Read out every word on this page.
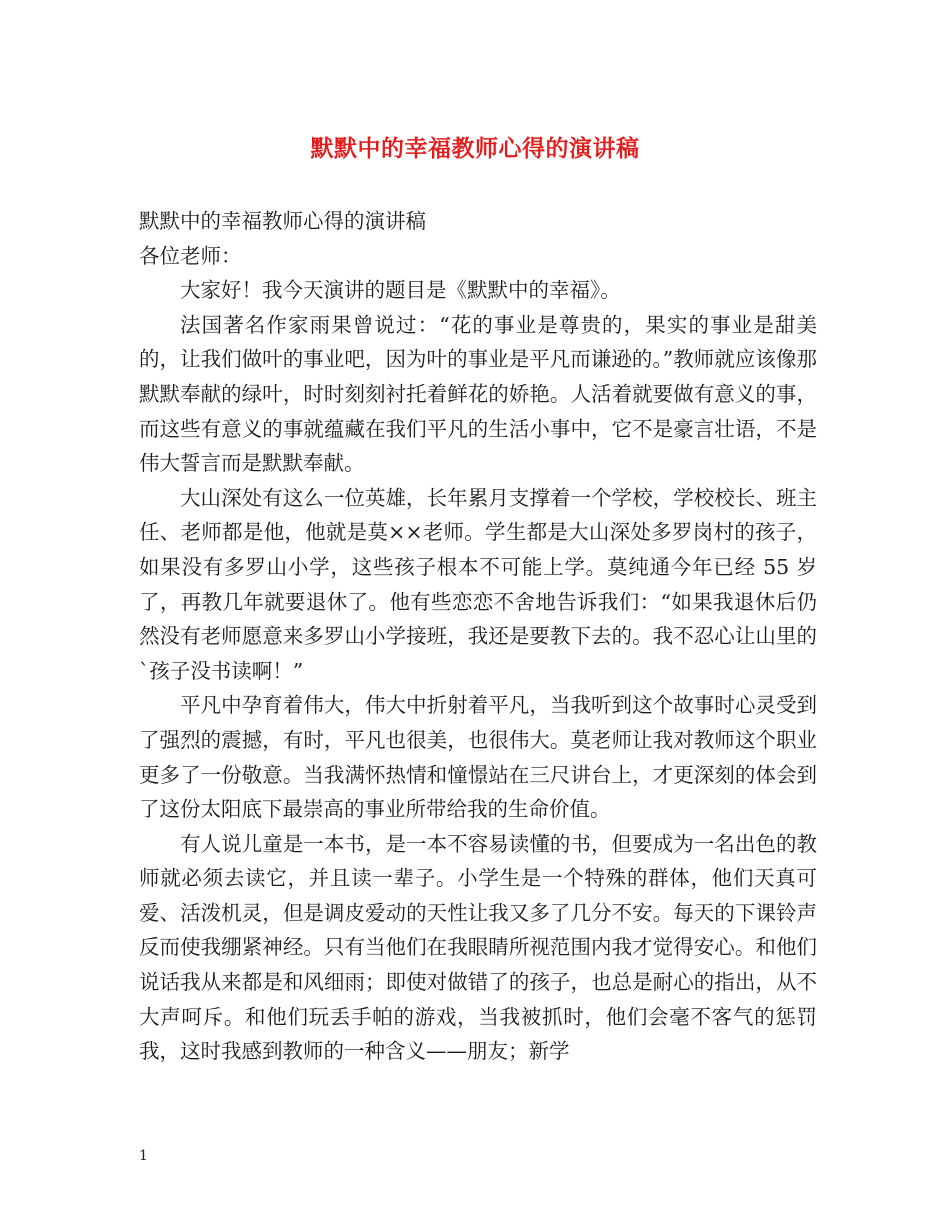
默默中的幸福教师心得的演讲稿

默默中的幸福教师心得的演讲稿

各位老师：

大家好！我今天演讲的题目是《默默中的幸福》。

法国著名作家雨果曾说过：“花的事业是尊贵的，果实的事业是甜美的，让我们做叶的事业吧，因为叶的事业是平凡而谦逊的。”教师就应该像那默默奉献的绿叶，时时刻刻衬托着鲜花的娇艳。人活着就要做有意义的事，而这些有意义的事就蕴藏在我们平凡的生活小事中，它不是豪言壮语，不是伟大誓言而是默默奉献。

大山深处有这么一位英雄，长年累月支撑着一个学校，学校校长、班主任、老师都是他，他就是莫××老师。学生都是大山深处多罗岗村的孩子，如果没有多罗山小学，这些孩子根本不可能上学。莫纯通今年已经 55 岁了，再教几年就要退休了。他有些恋恋不舍地告诉我们：“如果我退休后仍然没有老师愿意来多罗山小学接班，我还是要教下去的。我不忍心让山里的`孩子没书读啊！”

平凡中孕育着伟大，伟大中折射着平凡，当我听到这个故事时心灵受到了强烈的震撼，有时，平凡也很美，也很伟大。莫老师让我对教师这个职业更多了一份敬意。当我满怀热情和憧憬站在三尺讲台上，才更深刻的体会到了这份太阳底下最崇高的事业所带给我的生命价值。

有人说儿童是一本书，是一本不容易读懂的书，但要成为一名出色的教师就必须去读它，并且读一辈子。小学生是一个特殊的群体，他们天真可爱、活泼机灵，但是调皮爱动的天性让我又多了几分不安。每天的下课铃声反而使我绷紧神经。只有当他们在我眼睛所视范围内我才觉得安心。和他们说话我从来都是和风细雨；即使对做错了的孩子，也总是耐心的指出，从不大声呵斥。和他们玩丢手帕的游戏，当我被抓时，他们会毫不客气的惩罚我，这时我感到教师的一种含义——朋友；新学

1
